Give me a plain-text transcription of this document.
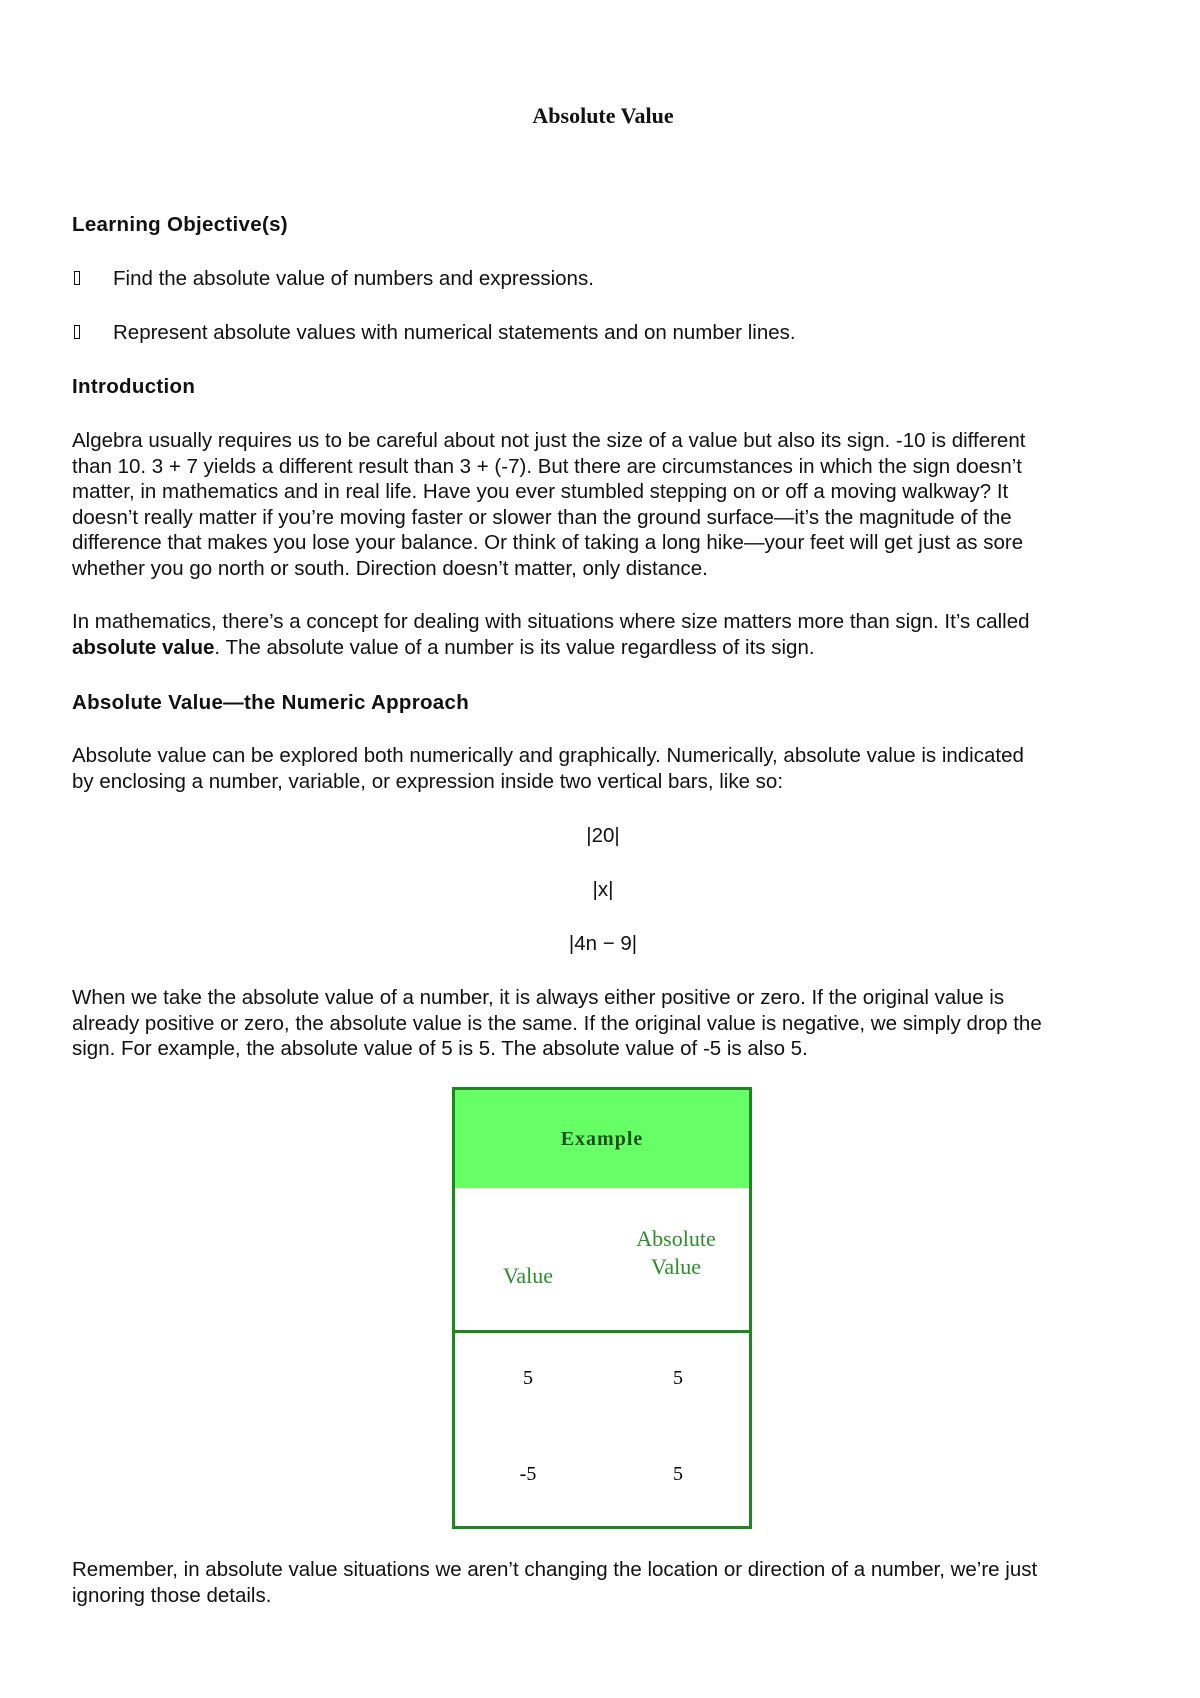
Absolute Value
Learning Objective(s)
Find the absolute value of numbers and expressions.
Represent absolute values with numerical statements and on number lines.
Introduction
Algebra usually requires us to be careful about not just the size of a value but also its sign. -10 is different
than 10. 3 + 7 yields a different result than 3 + (-7). But there are circumstances in which the sign doesn’t
matter, in mathematics and in real life. Have you ever stumbled stepping on or off a moving walkway? It
doesn’t really matter if you’re moving faster or slower than the ground surface—it’s the magnitude of the
difference that makes you lose your balance. Or think of taking a long hike—your feet will get just as sore
whether you go north or south. Direction doesn’t matter, only distance.
In mathematics, there’s a concept for dealing with situations where size matters more than sign. It’s called
absolute value. The absolute value of a number is its value regardless of its sign.
Absolute Value—the Numeric Approach
Absolute value can be explored both numerically and graphically. Numerically, absolute value is indicated
by enclosing a number, variable, or expression inside two vertical bars, like so:
|20|
|x|
|4n − 9|
When we take the absolute value of a number, it is always either positive or zero. If the original value is
already positive or zero, the absolute value is the same. If the original value is negative, we simply drop the
sign. For example, the absolute value of 5 is 5. The absolute value of -5 is also 5.
Remember, in absolute value situations we aren’t changing the location or direction of a number, we’re just
ignoring those details.
Example
Value
Absolute
Value
5	5
-5	5
